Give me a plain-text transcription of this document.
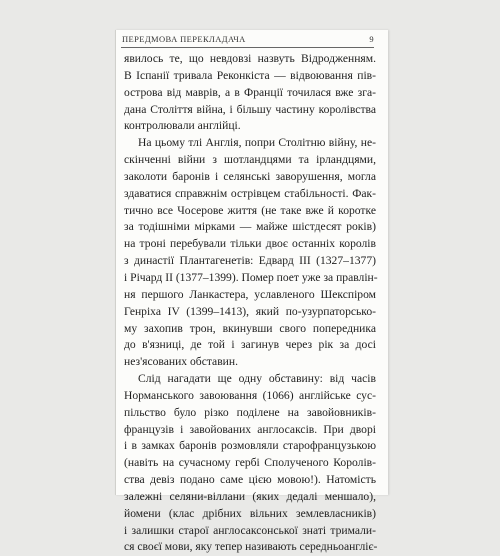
ПЕРЕДМОВА ПЕРЕКЛАДАЧА	9
явилось те, що невдовзі назвуть Відродженням.
В Іспанії тривала Реконкіста — відвоювання пів-
острова від маврів, а в Франції точилася вже зга-
дана Століття війна, і більшу частину королівства
контролювали англійці.
На цьому тлі Англія, попри Столітню війну, не-
скінченні війни з шотландцями та ірландцями,
заколоти баронів і селянські заворушення, могла
здаватися справжнім острівцем стабільності. Фак-
тично все Чосерове життя (не таке вже й коротке
за тодішніми мірками — майже шістдесят років)
на троні перебували тільки двоє останніх королів
з династії Плантагенетів: Едвард III (1327–1377)
і Річард II (1377–1399). Помер поет уже за правлін-
ня першого Ланкастера, уславленого Шекспіром
Генріха IV (1399–1413), який по-узурпаторсько-
му захопив трон, вкинувши свого попередника
до в'язниці, де той і загинув через рік за досі
нез'ясованих обставин.
Слід нагадати ще одну обставину: від часів
Норманського завоювання (1066) англійське сус-
пільство було різко поділене на завойовників-
французів і завойованих англосаксів. При дворі
і в замках баронів розмовляли старофранцузькою
(навіть на сучасному гербі Сполученого Королів-
ства девіз подано саме цією мовою!). Натомість
залежні селяни-віллани (яких дедалі меншало),
йомени (клас дрібних вільних землевласників)
і залишки старої англосаксонської знаті тримали-
ся своєї мови, яку тепер називають середньоангліє-
